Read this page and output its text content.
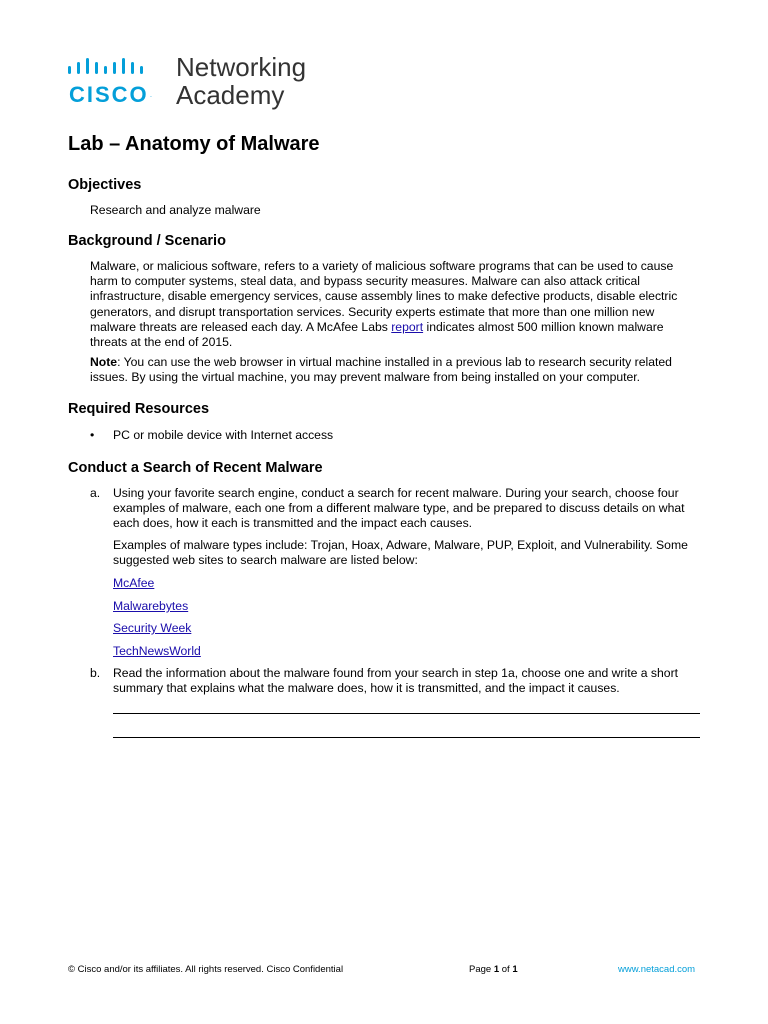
CISCO .
Networking
Academy
Lab – Anatomy of Malware
Objectives
Research and analyze malware
Background / Scenario
Malware, or malicious software, refers to a variety of malicious software programs that can be used to cause harm to computer systems, steal data, and bypass security measures. Malware can also attack critical infrastructure, disable emergency services, cause assembly lines to make defective products, disable electric generators, and disrupt transportation services. Security experts estimate that more than one million new malware threats are released each day. A McAfee Labs report indicates almost 500 million known malware threats at the end of 2015.
Note: You can use the web browser in virtual machine installed in a previous lab to research security related issues. By using the virtual machine, you may prevent malware from being installed on your computer.
Required Resources
• PC or mobile device with Internet access
Conduct a Search of Recent Malware
a. Using your favorite search engine, conduct a search for recent malware. During your search, choose four examples of malware, each one from a different malware type, and be prepared to discuss details on what each does, how it each is transmitted and the impact each causes.
Examples of malware types include: Trojan, Hoax, Adware, Malware, PUP, Exploit, and Vulnerability. Some suggested web sites to search malware are listed below:
McAfee
Malwarebytes
Security Week
TechNewsWorld
b. Read the information about the malware found from your search in step 1a, choose one and write a short summary that explains what the malware does, how it is transmitted, and the impact it causes.
© Cisco and/or its affiliates. All rights reserved. Cisco Confidential	Page 1 of 1	www.netacad.com
